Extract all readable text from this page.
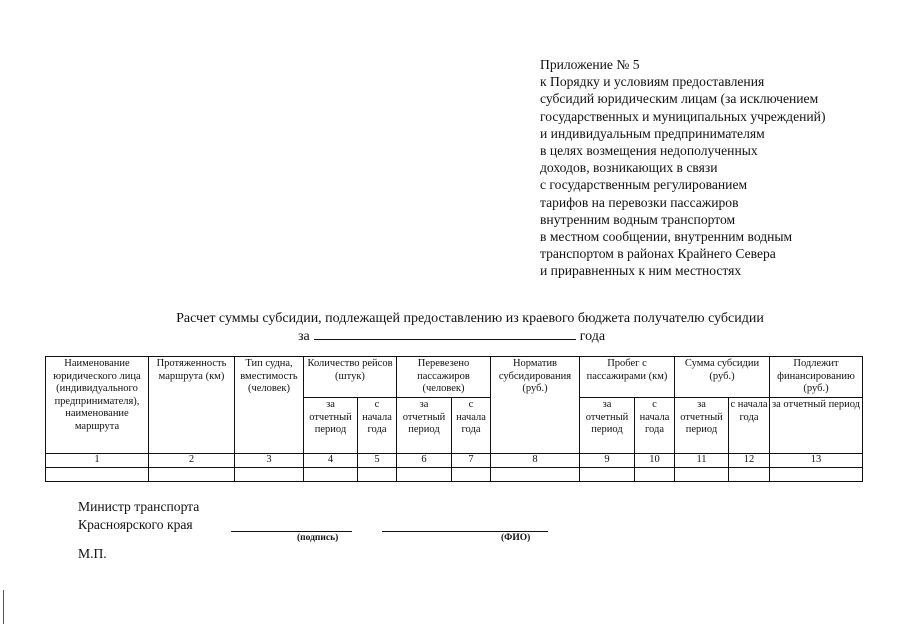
Приложение № 5
к Порядку и условиям предоставления
субсидий юридическим лицам (за исключением
государственных и муниципальных учреждений)
и индивидуальным предпринимателям
в целях возмещения недополученных
доходов, возникающих в связи
с государственным регулированием
тарифов на перевозки пассажиров
внутренним водным транспортом
в местном сообщении, внутренним водным
транспортом в районах Крайнего Севера
и приравненных к ним местностях
Расчет суммы субсидии, подлежащей предоставлению из краевого бюджета получателю субсидии
за	года
Наименование юридического лица (индивидуального предпринимателя), наименование маршрута	Протяженность маршрута (км)	Тип судна, вместимость (человек)	Количество рейсов (штук)		Перевезено пассажиров (человек)		Норматив субсидирования (руб.)	Пробег с пассажирами (км)		Сумма субсидии (руб.)		Подлежит финансированию (руб.)
			за отчетный период	с начала года	за отчетный период	с начала года		за отчетный период	с начала года	за отчетный период	с начала года	за отчетный период
1	2	3	4	5	6	7	8	9	10	11	12	13

Министр транспорта
Красноярского края
(подпись)	(ФИО)
М.П.
